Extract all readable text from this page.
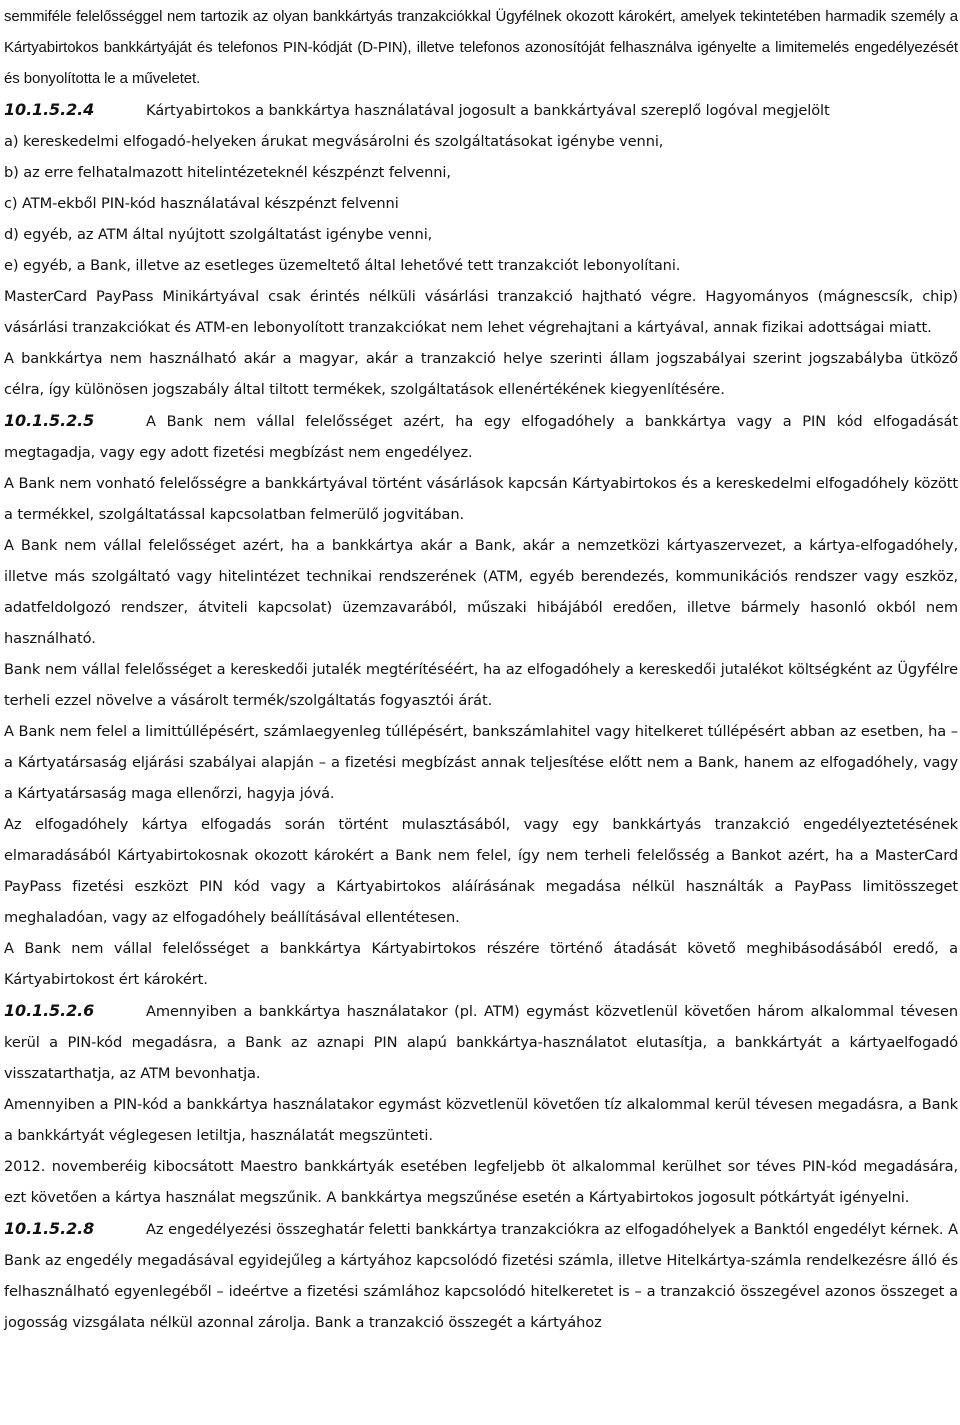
semmiféle felelősséggel nem tartozik az olyan bankkártyás tranzakciókkal Ügyfélnek okozott károkért, amelyek tekintetében harmadik személy a Kártyabirtokos bankkártyáját és telefonos PIN-kódját (D-PIN), illetve telefonos azonosítóját felhasználva igényelte a limitemelés engedélyezését és bonyolította le a műveletet.

10.1.5.2.4	Kártyabirtokos a bankkártya használatával jogosult a bankkártyával szereplő logóval megjelölt

a) kereskedelmi elfogadó-helyeken árukat megvásárolni és szolgáltatásokat igénybe venni,

b) az erre felhatalmazott hitelintézeteknél készpénzt felvenni,

c) ATM-ekből PIN-kód használatával készpénzt felvenni

d) egyéb, az ATM által nyújtott szolgáltatást igénybe venni,

e) egyéb, a Bank, illetve az esetleges üzemeltető által lehetővé tett tranzakciót lebonyolítani.

MasterCard PayPass Minikártyával csak érintés nélküli vásárlási tranzakció hajtható végre. Hagyományos (mágnescsík, chip) vásárlási tranzakciókat és ATM-en lebonyolított tranzakciókat nem lehet végrehajtani a kártyával, annak fizikai adottságai miatt.

A bankkártya nem használható akár a magyar, akár a tranzakció helye szerinti állam jogszabályai szerint jogszabályba ütköző célra, így különösen jogszabály által tiltott termékek, szolgáltatások ellenértékének kiegyenlítésére.

10.1.5.2.5	A Bank nem vállal felelősséget azért, ha egy elfogadóhely a bankkártya vagy a PIN kód elfogadását megtagadja, vagy egy adott fizetési megbízást nem engedélyez.

A Bank nem vonható felelősségre a bankkártyával történt vásárlások kapcsán Kártyabirtokos és a kereskedelmi elfogadóhely között a termékkel, szolgáltatással kapcsolatban felmerülő jogvitában.

A Bank nem vállal felelősséget azért, ha a bankkártya akár a Bank, akár a nemzetközi kártyaszervezet, a kártya-elfogadóhely, illetve más szolgáltató vagy hitelintézet technikai rendszerének (ATM, egyéb berendezés, kommunikációs rendszer vagy eszköz, adatfeldolgozó rendszer, átviteli kapcsolat) üzemzavarából, műszaki hibájából eredően, illetve bármely hasonló okból nem használható.

Bank nem vállal felelősséget a kereskedői jutalék megtérítéséért, ha az elfogadóhely a kereskedői jutalékot költségként az Ügyfélre terheli ezzel növelve a vásárolt termék/szolgáltatás fogyasztói árát.

A Bank nem felel a limittúllépésért, számlaegyenleg túllépésért, bankszámlahitel vagy hitelkeret túllépésért abban az esetben, ha – a Kártyatársaság eljárási szabályai alapján – a fizetési megbízást annak teljesítése előtt nem a Bank, hanem az elfogadóhely, vagy a Kártyatársaság maga ellenőrzi, hagyja jóvá.

Az elfogadóhely kártya elfogadás során történt mulasztásából, vagy egy bankkártyás tranzakció engedélyeztetésének elmaradásából Kártyabirtokosnak okozott károkért a Bank nem felel, így nem terheli felelősség a Bankot azért, ha a MasterCard PayPass fizetési eszközt PIN kód vagy a Kártyabirtokos aláírásának megadása nélkül használták a PayPass limitösszeget meghaladóan, vagy az elfogadóhely beállításával ellentétesen.

A Bank nem vállal felelősséget a bankkártya Kártyabirtokos részére történő átadását követő meghibásodásából eredő, a Kártyabirtokost ért károkért.

10.1.5.2.6	Amennyiben a bankkártya használatakor (pl. ATM) egymást közvetlenül követően három alkalommal tévesen kerül a PIN-kód megadásra, a Bank az aznapi PIN alapú bankkártya-használatot elutasítja, a bankkártyát a kártyaelfogadó visszatarthatja, az ATM bevonhatja.

Amennyiben a PIN-kód a bankkártya használatakor egymást közvetlenül követően tíz alkalommal kerül tévesen megadásra, a Bank a bankkártyát véglegesen letiltja, használatát megszünteti.

2012. novemberéig kibocsátott Maestro bankkártyák esetében legfeljebb öt alkalommal kerülhet sor téves PIN-kód megadására, ezt követően a kártya használat megszűnik. A bankkártya megszűnése esetén a Kártyabirtokos jogosult pótkártyát igényelni.

10.1.5.2.8	Az engedélyezési összeghatár feletti bankkártya tranzakciókra az elfogadóhelyek a Banktól engedélyt kérnek. A Bank az engedély megadásával egyidejűleg a kártyához kapcsolódó fizetési számla, illetve Hitelkártya-számla rendelkezésre álló és felhasználható egyenlegéből – ideértve a fizetési számlához kapcsolódó hitelkeretet is – a tranzakció összegével azonos összeget a jogosság vizsgálata nélkül azonnal zárolja. Bank a tranzakció összegét a kártyához
